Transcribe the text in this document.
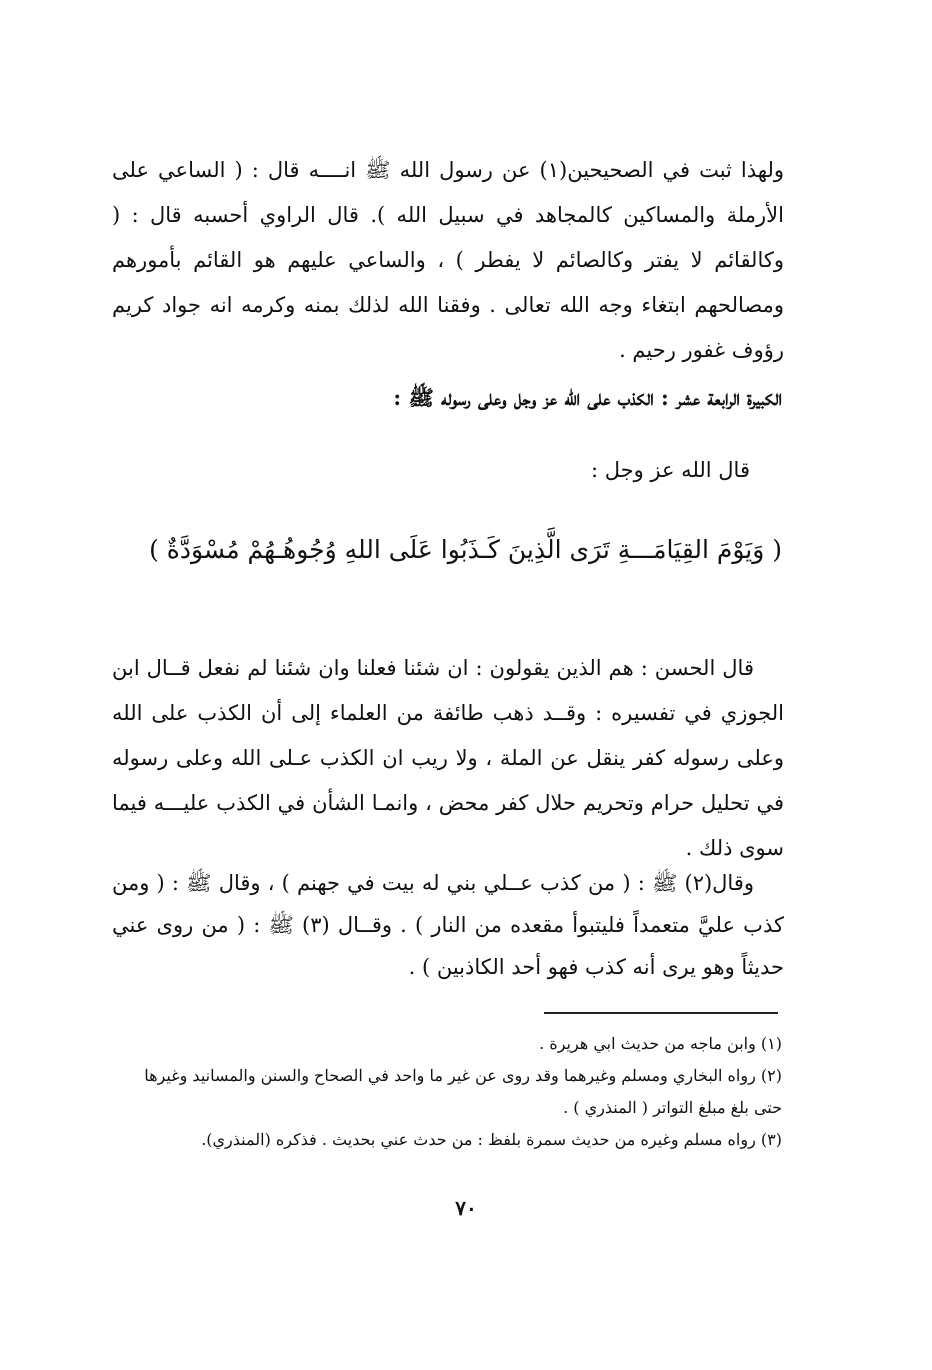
ولهذا ثبت في الصحيحين(١) عن رسول الله ﷺ انــــه قال : ( الساعي على الأرملة والمساكين كالمجاهد في سبيل الله ). قال الراوي أحسبه قال : ( وكالقائم لا يفتر وكالصائم لا يفطر ) ، والساعي عليهم هو القائم بأمورهم ومصالحهم ابتغاء وجه الله تعالى . وفقنا الله لذلك بمنه وكرمه انه جواد كريم رؤوف غفور رحيم .

الكبيرة الرابعة عشر : الكذب على الله عز وجل وعلى رسوله ﷺ :
قال الله عز وجل :
( وَيَوْمَ القِيَامَـــةِ تَرَى الَّذِينَ كَـذَبُوا عَلَى اللهِ وُجُوهُـهُمْ مُسْوَدَّةٌ )

قال الحسن : هم الذين يقولون : ان شئنا فعلنا وان شئنا لم نفعل قــال ابن الجوزي في تفسيره : وقــد ذهب طائفة من العلماء إلى أن الكذب على الله وعلى رسوله كفر ينقل عن الملة ، ولا ريب ان الكذب عـلى الله وعلى رسوله في تحليل حرام وتحريم حلال كفر محض ، وانمـا الشأن في الكذب عليـــه فيما سوى ذلك .

وقال(٢) ﷺ : ( من كذب عــلي بني له بيت في جهنم ) ، وقال ﷺ : ( ومن كذب عليَّ متعمداً فليتبوأ مقعده من النار ) . وقــال (٣) ﷺ : ( من روى عني حديثاً وهو يرى أنه كذب فهو أحد الكاذبين ) .

(١) وابن ماجه من حديث ابي هريرة .

(٢) رواه البخاري ومسلم وغيرهما وقد روى عن غير ما واحد في الصحاح والسنن والمسانيد وغيرها حتى بلغ مبلغ التواتر ( المنذري ) .

(٣) رواه مسلم وغيره من حديث سمرة بلفظ : من حدث عني بحديث . فذكره (المنذري).

٧٠
